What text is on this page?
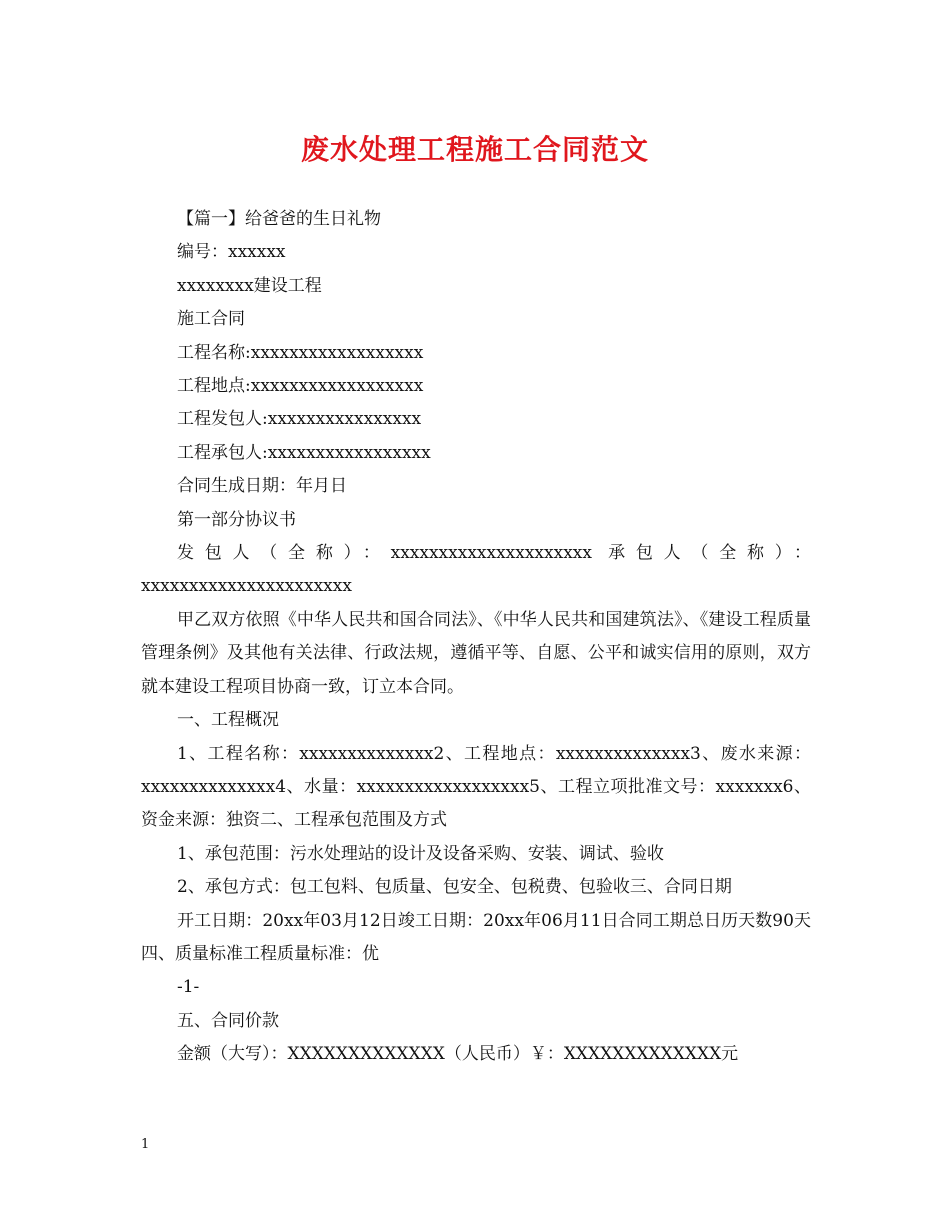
废水处理工程施工合同范文

【篇一】给爸爸的生日礼物

编号：xxxxxx

xxxxxxxx建设工程

施工合同

工程名称:xxxxxxxxxxxxxxxxxx

工程地点:xxxxxxxxxxxxxxxxxx

工程发包人:xxxxxxxxxxxxxxxx

工程承包人:xxxxxxxxxxxxxxxxx

合同生成日期：年月日

第一部分协议书

发包人（全称）：xxxxxxxxxxxxxxxxxxxxx 承包人（全称）：xxxxxxxxxxxxxxxxxxxxxx

甲乙双方依照《中华人民共和国合同法》、《中华人民共和国建筑法》、《建设工程质量管理条例》及其他有关法律、行政法规，遵循平等、自愿、公平和诚实信用的原则，双方就本建设工程项目协商一致，订立本合同。

一、工程概况

1、工程名称：xxxxxxxxxxxxxx2、工程地点：xxxxxxxxxxxxxx3、废水来源：xxxxxxxxxxxxxx4、水量：xxxxxxxxxxxxxxxxxx5、工程立项批准文号：xxxxxxx6、资金来源：独资二、工程承包范围及方式

1、承包范围：污水处理站的设计及设备采购、安装、调试、验收

2、承包方式：包工包料、包质量、包安全、包税费、包验收三、合同日期

开工日期：20xx年03月12日竣工日期：20xx年06月11日合同工期总日历天数90天四、质量标准工程质量标准：优

-1-

五、合同价款

金额（大写）：XXXXXXXXXXXXX（人民币）￥：XXXXXXXXXXXXX元

1
